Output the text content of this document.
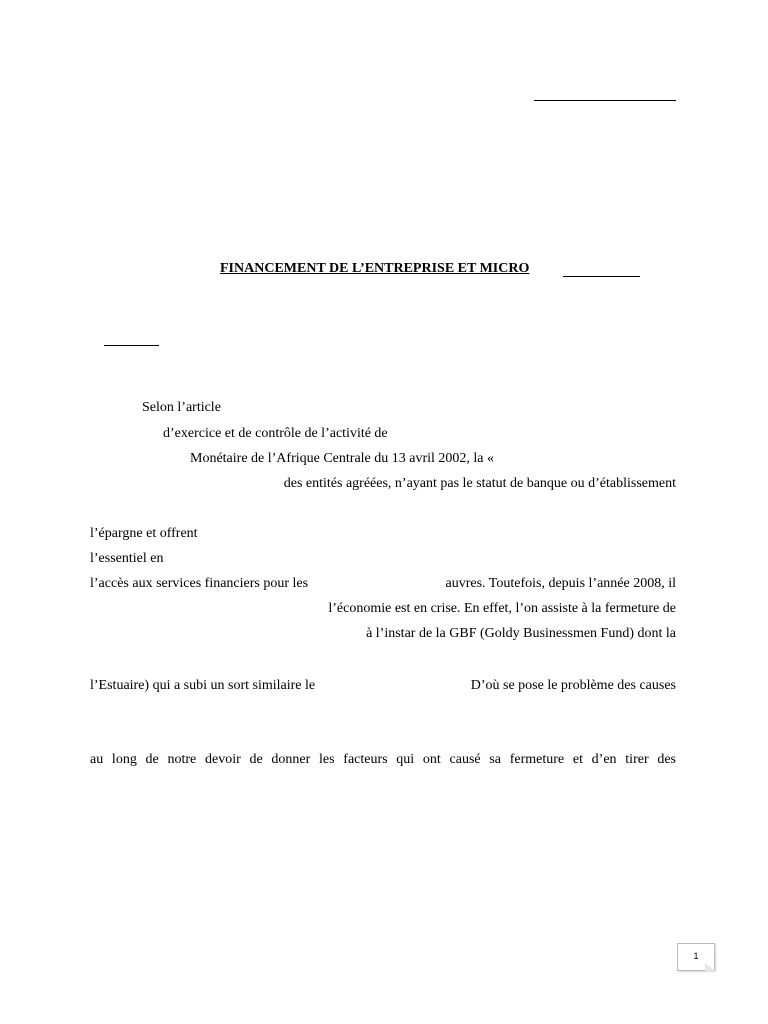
FINANCEMENT DE L’ENTREPRISE ET MICRO
Selon l’article
d’exercice et de contrôle de l’activité de
Monétaire de l’Afrique Centrale du 13 avril 2002, la «
des entités agréées, n’ayant pas le statut de banque ou d’établissement
l’épargne et offrent
l’essentiel en
l’accès aux services financiers pour les	auvres. Toutefois, depuis l’année 2008, il
l’économie est en crise. En effet, l’on assiste à la fermeture de
à l’instar de la GBF (Goldy Businessmen Fund) dont la
l’Estuaire) qui a subi un sort similaire le	D’où se pose le problème des causes
au long de notre devoir de donner les facteurs qui ont causé sa fermeture et d’en tirer des
1
